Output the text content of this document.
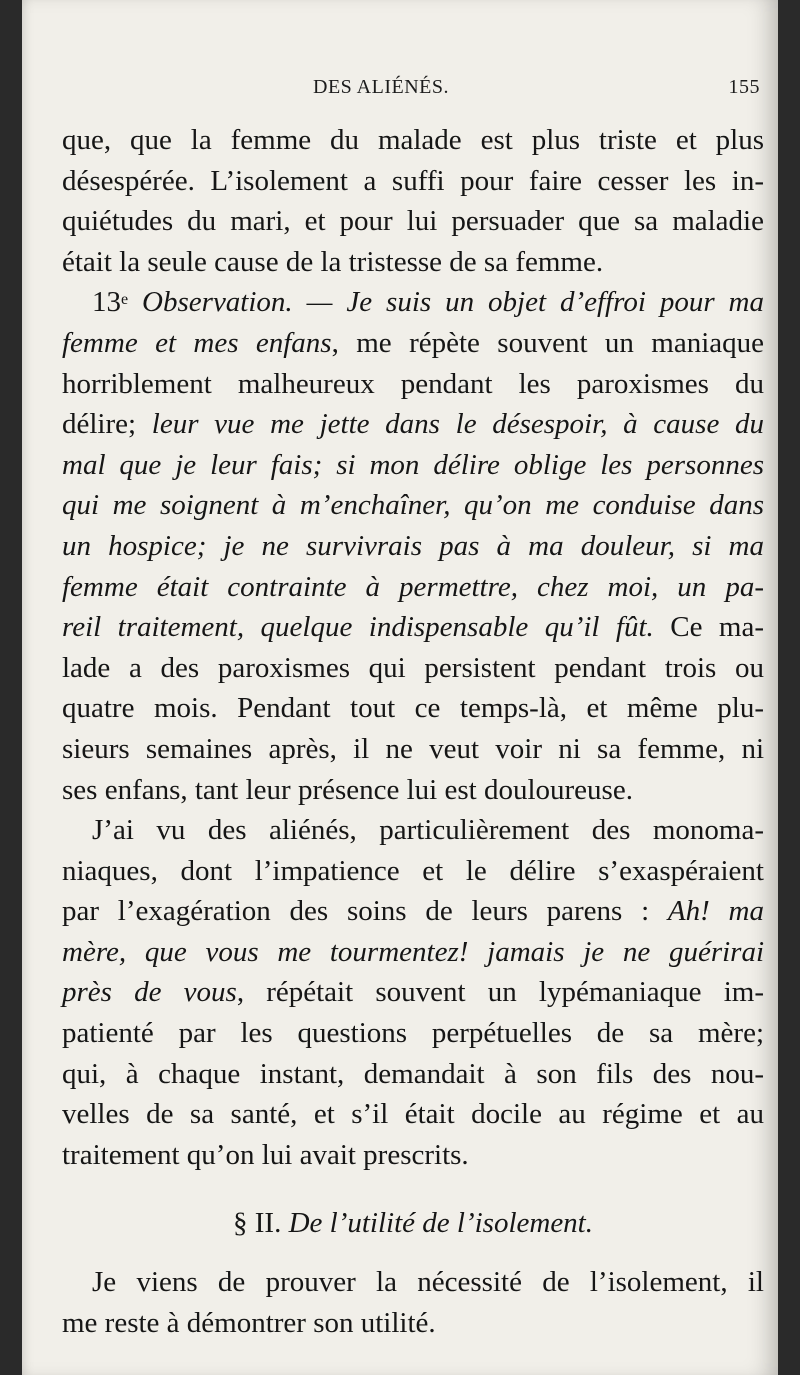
DES ALIÉNÉS.	155
que, que la femme du malade est plus triste et plus
désespérée. L’isolement a suffi pour faire cesser les in-
quiétudes du mari, et pour lui persuader que sa maladie
était la seule cause de la tristesse de sa femme.
13e Observation. — Je suis un objet d’effroi pour ma
femme et mes enfans, me répète souvent un maniaque
horriblement malheureux pendant les paroxismes du
délire; leur vue me jette dans le désespoir, à cause du
mal que je leur fais; si mon délire oblige les personnes
qui me soignent à m’enchaîner, qu’on me conduise dans
un hospice; je ne survivrais pas à ma douleur, si ma
femme était contrainte à permettre, chez moi, un pa-
reil traitement, quelque indispensable qu’il fût. Ce ma-
lade a des paroxismes qui persistent pendant trois ou
quatre mois. Pendant tout ce temps-là, et même plu-
sieurs semaines après, il ne veut voir ni sa femme, ni
ses enfans, tant leur présence lui est douloureuse.
J’ai vu des aliénés, particulièrement des monoma-
niaques, dont l’impatience et le délire s’exaspéraient
par l’exagération des soins de leurs parens : Ah! ma
mère, que vous me tourmentez! jamais je ne guérirai
près de vous, répétait souvent un lypémaniaque im-
patienté par les questions perpétuelles de sa mère;
qui, à chaque instant, demandait à son fils des nou-
velles de sa santé, et s’il était docile au régime et au
traitement qu’on lui avait prescrits.
§ II. De l’utilité de l’isolement.
Je viens de prouver la nécessité de l’isolement, il
me reste à démontrer son utilité.
